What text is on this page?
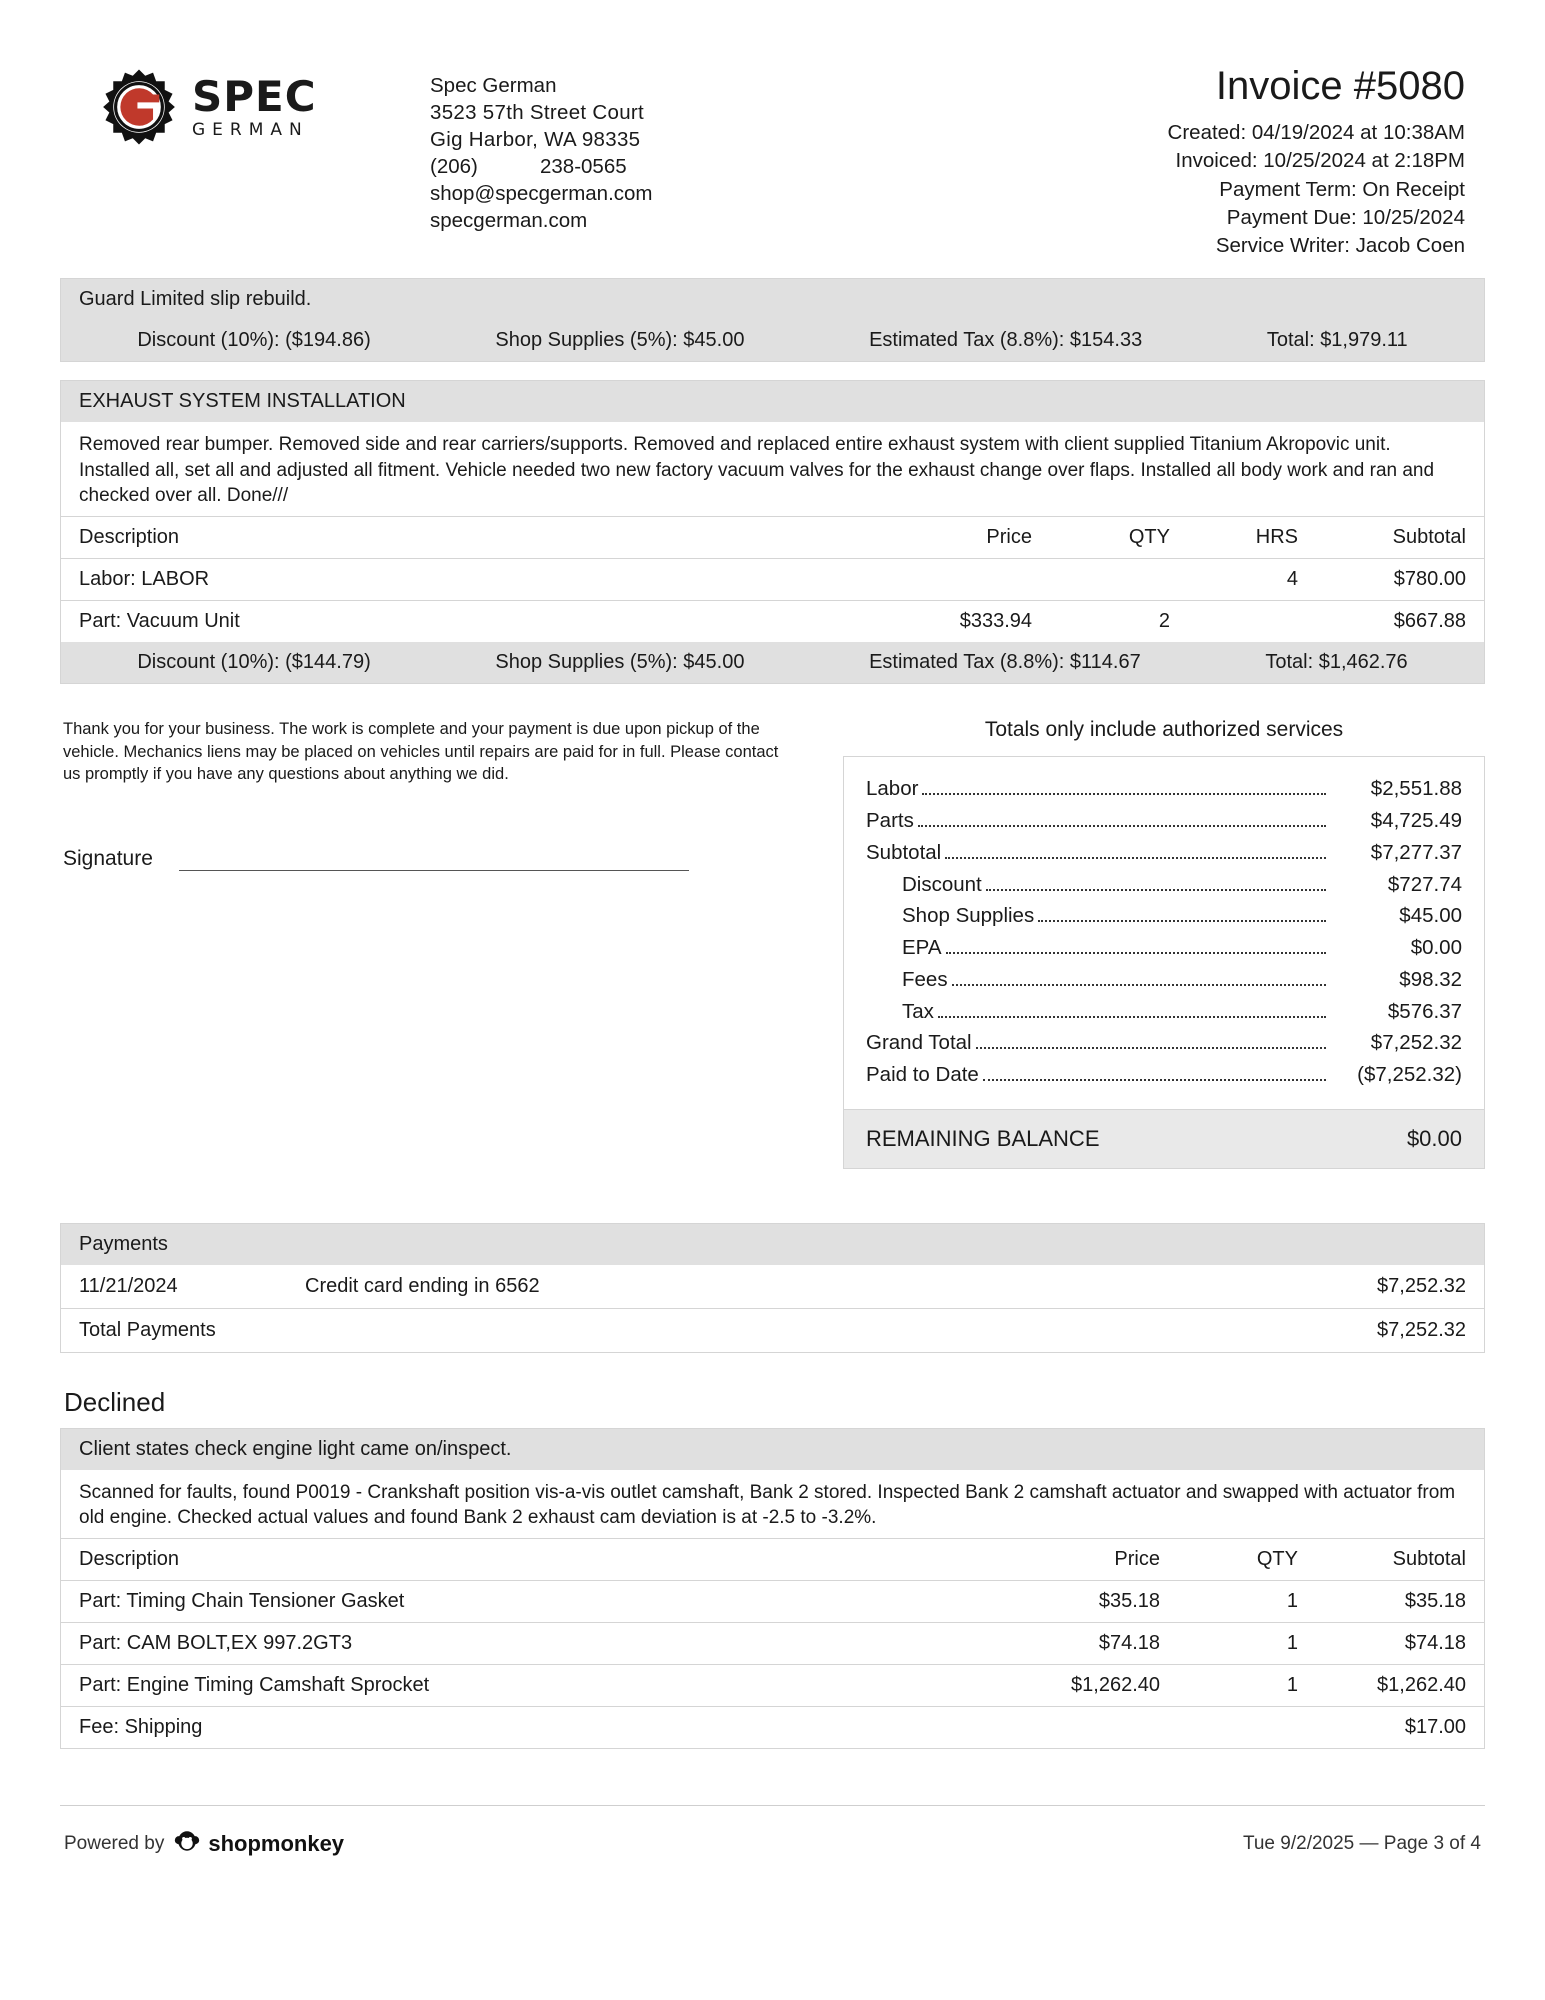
SPEC
GERMAN
Spec German
3523 57th Street Court
Gig Harbor, WA 98335
(206)	238-0565
shop@specgerman.com
specgerman.com
Invoice #5080
Created: 04/19/2024 at 10:38AM
Invoiced: 10/25/2024 at 2:18PM
Payment Term: On Receipt
Payment Due: 10/25/2024
Service Writer: Jacob Coen
Guard Limited slip rebuild.
Discount (10%): ($194.86)	Shop Supplies (5%): $45.00	Estimated Tax (8.8%): $154.33	Total: $1,979.11
EXHAUST SYSTEM INSTALLATION
Removed rear bumper. Removed side and rear carriers/supports. Removed and replaced entire exhaust system with client supplied Titanium Akropovic unit. Installed all, set all and adjusted all fitment. Vehicle needed two new factory vacuum valves for the exhaust change over flaps. Installed all body work and ran and checked over all. Done///
Description	Price	QTY	HRS	Subtotal
Labor: LABOR			4	$780.00
Part: Vacuum Unit	$333.94	2		$667.88
Discount (10%): ($144.79)	Shop Supplies (5%): $45.00	Estimated Tax (8.8%): $114.67	Total: $1,462.76
Thank you for your business. The work is complete and your payment is due upon pickup of the vehicle. Mechanics liens may be placed on vehicles until repairs are paid for in full. Please contact us promptly if you have any questions about anything we did.
Signature
Totals only include authorized services
Labor	$2,551.88
Parts	$4,725.49
Subtotal	$7,277.37
Discount	$727.74
Shop Supplies	$45.00
EPA	$0.00
Fees	$98.32
Tax	$576.37
Grand Total	$7,252.32
Paid to Date	($7,252.32)
REMAINING BALANCE	$0.00
Payments
11/21/2024	Credit card ending in 6562	$7,252.32
Total Payments		$7,252.32
Declined
Client states check engine light came on/inspect.
Scanned for faults, found P0019 - Crankshaft position vis-a-vis outlet camshaft, Bank 2 stored. Inspected Bank 2 camshaft actuator and swapped with actuator from old engine. Checked actual values and found Bank 2 exhaust cam deviation is at -2.5 to -3.2%.
Description	Price	QTY	Subtotal
Part: Timing Chain Tensioner Gasket	$35.18	1	$35.18
Part: CAM BOLT,EX 997.2GT3	$74.18	1	$74.18
Part: Engine Timing Camshaft Sprocket	$1,262.40	1	$1,262.40
Fee: Shipping			$17.00
Powered by shopmonkey	Tue 9/2/2025 — Page 3 of 4
